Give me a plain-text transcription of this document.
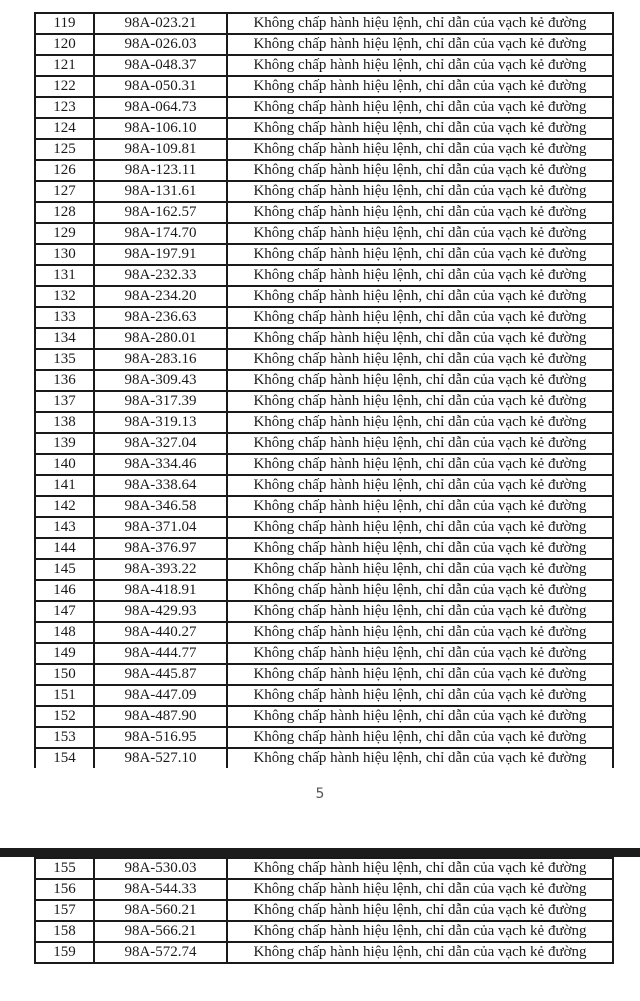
119	98A-023.21	Không chấp hành hiệu lệnh, chỉ dẫn của vạch kẻ đường
120	98A-026.03	Không chấp hành hiệu lệnh, chỉ dẫn của vạch kẻ đường
121	98A-048.37	Không chấp hành hiệu lệnh, chỉ dẫn của vạch kẻ đường
122	98A-050.31	Không chấp hành hiệu lệnh, chỉ dẫn của vạch kẻ đường
123	98A-064.73	Không chấp hành hiệu lệnh, chỉ dẫn của vạch kẻ đường
124	98A-106.10	Không chấp hành hiệu lệnh, chỉ dẫn của vạch kẻ đường
125	98A-109.81	Không chấp hành hiệu lệnh, chỉ dẫn của vạch kẻ đường
126	98A-123.11	Không chấp hành hiệu lệnh, chỉ dẫn của vạch kẻ đường
127	98A-131.61	Không chấp hành hiệu lệnh, chỉ dẫn của vạch kẻ đường
128	98A-162.57	Không chấp hành hiệu lệnh, chỉ dẫn của vạch kẻ đường
129	98A-174.70	Không chấp hành hiệu lệnh, chỉ dẫn của vạch kẻ đường
130	98A-197.91	Không chấp hành hiệu lệnh, chỉ dẫn của vạch kẻ đường
131	98A-232.33	Không chấp hành hiệu lệnh, chỉ dẫn của vạch kẻ đường
132	98A-234.20	Không chấp hành hiệu lệnh, chỉ dẫn của vạch kẻ đường
133	98A-236.63	Không chấp hành hiệu lệnh, chỉ dẫn của vạch kẻ đường
134	98A-280.01	Không chấp hành hiệu lệnh, chỉ dẫn của vạch kẻ đường
135	98A-283.16	Không chấp hành hiệu lệnh, chỉ dẫn của vạch kẻ đường
136	98A-309.43	Không chấp hành hiệu lệnh, chỉ dẫn của vạch kẻ đường
137	98A-317.39	Không chấp hành hiệu lệnh, chỉ dẫn của vạch kẻ đường
138	98A-319.13	Không chấp hành hiệu lệnh, chỉ dẫn của vạch kẻ đường
139	98A-327.04	Không chấp hành hiệu lệnh, chỉ dẫn của vạch kẻ đường
140	98A-334.46	Không chấp hành hiệu lệnh, chỉ dẫn của vạch kẻ đường
141	98A-338.64	Không chấp hành hiệu lệnh, chỉ dẫn của vạch kẻ đường
142	98A-346.58	Không chấp hành hiệu lệnh, chỉ dẫn của vạch kẻ đường
143	98A-371.04	Không chấp hành hiệu lệnh, chỉ dẫn của vạch kẻ đường
144	98A-376.97	Không chấp hành hiệu lệnh, chỉ dẫn của vạch kẻ đường
145	98A-393.22	Không chấp hành hiệu lệnh, chỉ dẫn của vạch kẻ đường
146	98A-418.91	Không chấp hành hiệu lệnh, chỉ dẫn của vạch kẻ đường
147	98A-429.93	Không chấp hành hiệu lệnh, chỉ dẫn của vạch kẻ đường
148	98A-440.27	Không chấp hành hiệu lệnh, chỉ dẫn của vạch kẻ đường
149	98A-444.77	Không chấp hành hiệu lệnh, chỉ dẫn của vạch kẻ đường
150	98A-445.87	Không chấp hành hiệu lệnh, chỉ dẫn của vạch kẻ đường
151	98A-447.09	Không chấp hành hiệu lệnh, chỉ dẫn của vạch kẻ đường
152	98A-487.90	Không chấp hành hiệu lệnh, chỉ dẫn của vạch kẻ đường
153	98A-516.95	Không chấp hành hiệu lệnh, chỉ dẫn của vạch kẻ đường
154	98A-527.10	Không chấp hành hiệu lệnh, chỉ dẫn của vạch kẻ đường
5
155	98A-530.03	Không chấp hành hiệu lệnh, chỉ dẫn của vạch kẻ đường
156	98A-544.33	Không chấp hành hiệu lệnh, chỉ dẫn của vạch kẻ đường
157	98A-560.21	Không chấp hành hiệu lệnh, chỉ dẫn của vạch kẻ đường
158	98A-566.21	Không chấp hành hiệu lệnh, chỉ dẫn của vạch kẻ đường
159	98A-572.74	Không chấp hành hiệu lệnh, chỉ dẫn của vạch kẻ đường
